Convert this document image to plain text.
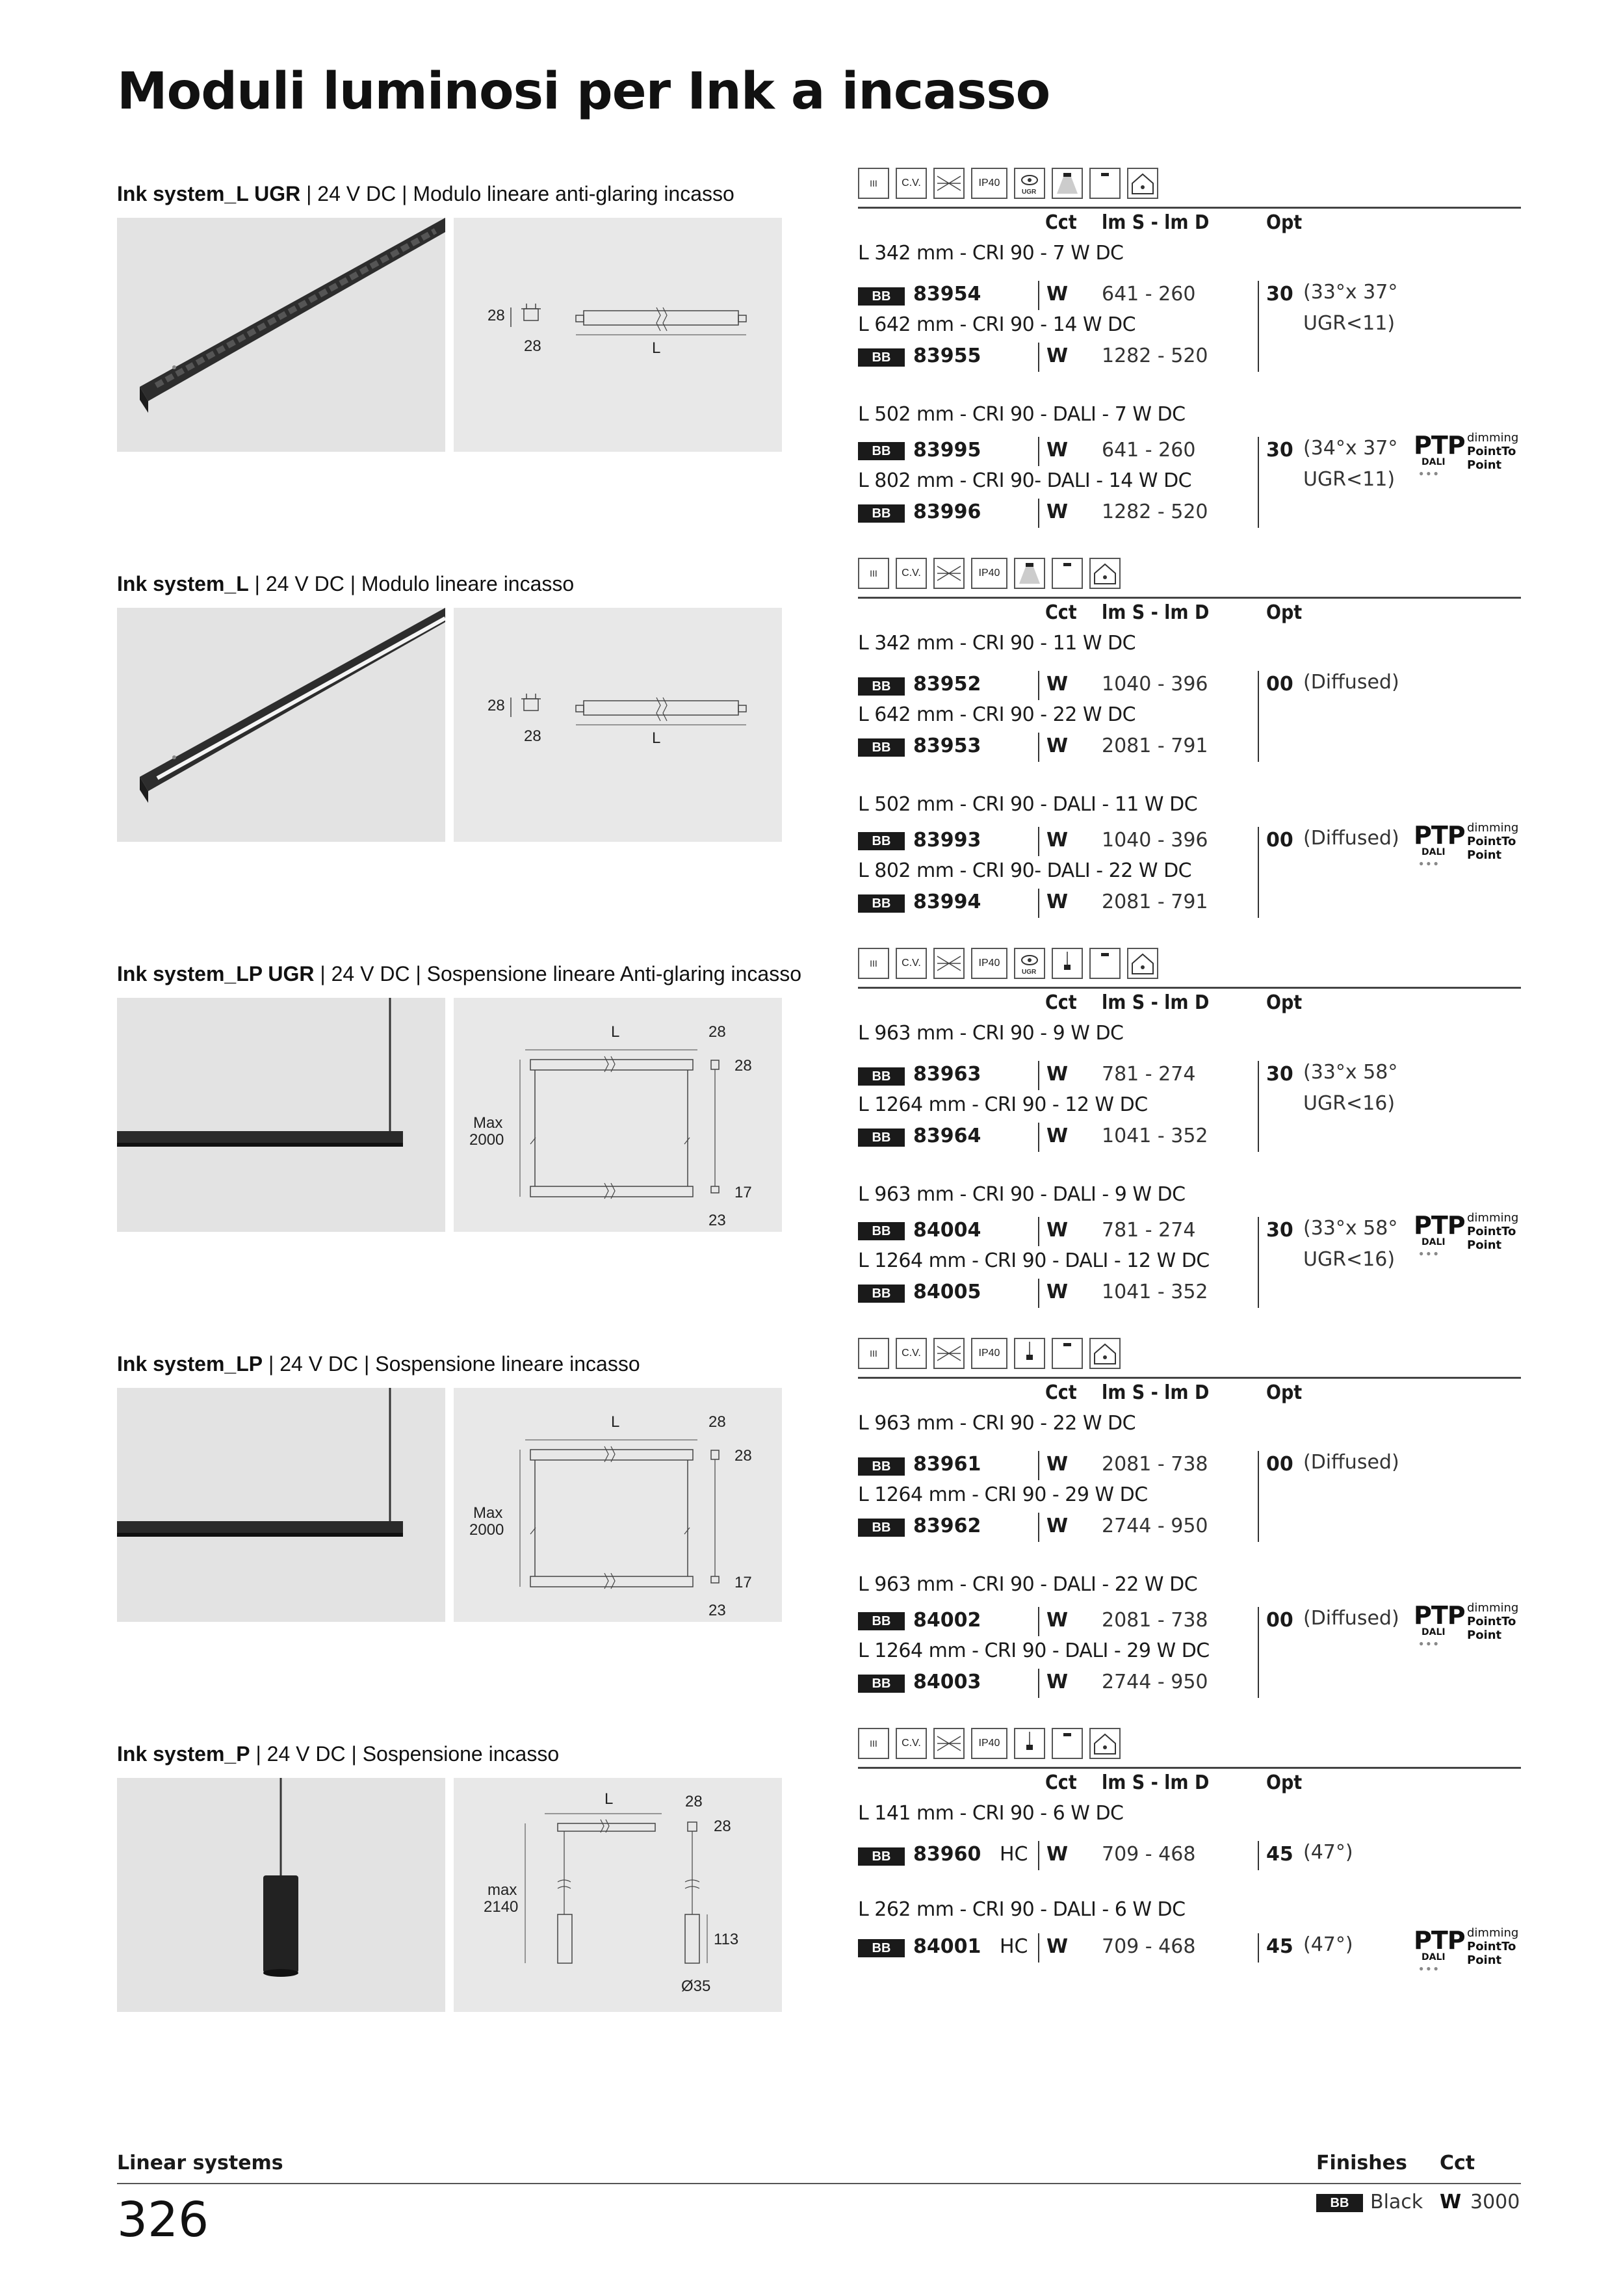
Moduli luminosi per Ink a incasso
Ink system_L UGR | 24 V DC | Modulo lineare anti-glaring incasso
28
28	L
III C.V.	IP40
UGR
Cct lm S - lm D	Opt
L 342 mm - CRI 90 - 7 W DC
BB	83954	W 641 - 260
L 642 mm - CRI 90 - 14 W DC
BB	83955	W 1282 - 520
30 (33°x 37°
UGR<11)
L 502 mm - CRI 90 - DALI - 7 W DC
BB	83995	W 641 - 260
L 802 mm - CRI 90- DALI - 14 W DC
BB	83996	W 1282 - 520
30 (34°x 37°
UGR<11)
PTP
DALI
●●●
dimming
PointTo
Point
Ink system_L | 24 V DC | Modulo lineare incasso
28
28	L
III C.V.	IP40
Cct lm S - lm D	Opt
L 342 mm - CRI 90 - 11 W DC
BB	83952	W 1040 - 396
L 642 mm - CRI 90 - 22 W DC
BB	83953	W 2081 - 791
00 (Diffused)
L 502 mm - CRI 90 - DALI - 11 W DC
BB	83993	W 1040 - 396
L 802 mm - CRI 90- DALI - 22 W DC
BB	83994	W 2081 - 791
00 (Diffused) PTP
DALI
●●●
dimming
PointTo
Point
Ink system_LP UGR | 24 V DC | Sospensione lineare Anti-glaring incasso
L
Max
2000
28
28
17
23
III C.V.	IP40
UGR
Cct lm S - lm D	Opt
L 963 mm - CRI 90 - 9 W DC
BB	83963	W 781 - 274
L 1264 mm - CRI 90 - 12 W DC
BB	83964	W 1041 - 352
30 (33°x 58°
UGR<16)
L 963 mm - CRI 90 - DALI - 9 W DC
BB	84004	W 781 - 274
L 1264 mm - CRI 90 - DALI - 12 W DC
BB	84005	W 1041 - 352
30 (33°x 58°
UGR<16)
PTP
DALI
●●●
dimming
PointTo
Point
Ink system_LP | 24 V DC | Sospensione lineare incasso
L
Max
2000
28
28
17
23
III C.V.	IP40
Cct lm S - lm D	Opt
L 963 mm - CRI 90 - 22 W DC
BB	83961	W 2081 - 738
L 1264 mm - CRI 90 - 29 W DC
BB	83962	W 2744 - 950
00 (Diffused)
L 963 mm - CRI 90 - DALI - 22 W DC
BB	84002	W 2081 - 738
L 1264 mm - CRI 90 - DALI - 29 W DC
BB	84003	W 2744 - 950
00 (Diffused) PTP
DALI
●●●
dimming
PointTo
Point
Ink system_P | 24 V DC | Sospensione incasso
L
max
2140
28
28
113
Ø35
III C.V.	IP40
Cct lm S - lm D	Opt
L 141 mm - CRI 90 - 6 W DC
BB	83960 HC W 709 - 468	45 (47°)
L 262 mm - CRI 90 - DALI - 6 W DC
BB	84001 HC W 709 - 468	45 (47°) PTP
DALI
●●●
dimming
PointTo
Point
Linear systems	Finishes Cct
326	BB	Black W 3000
